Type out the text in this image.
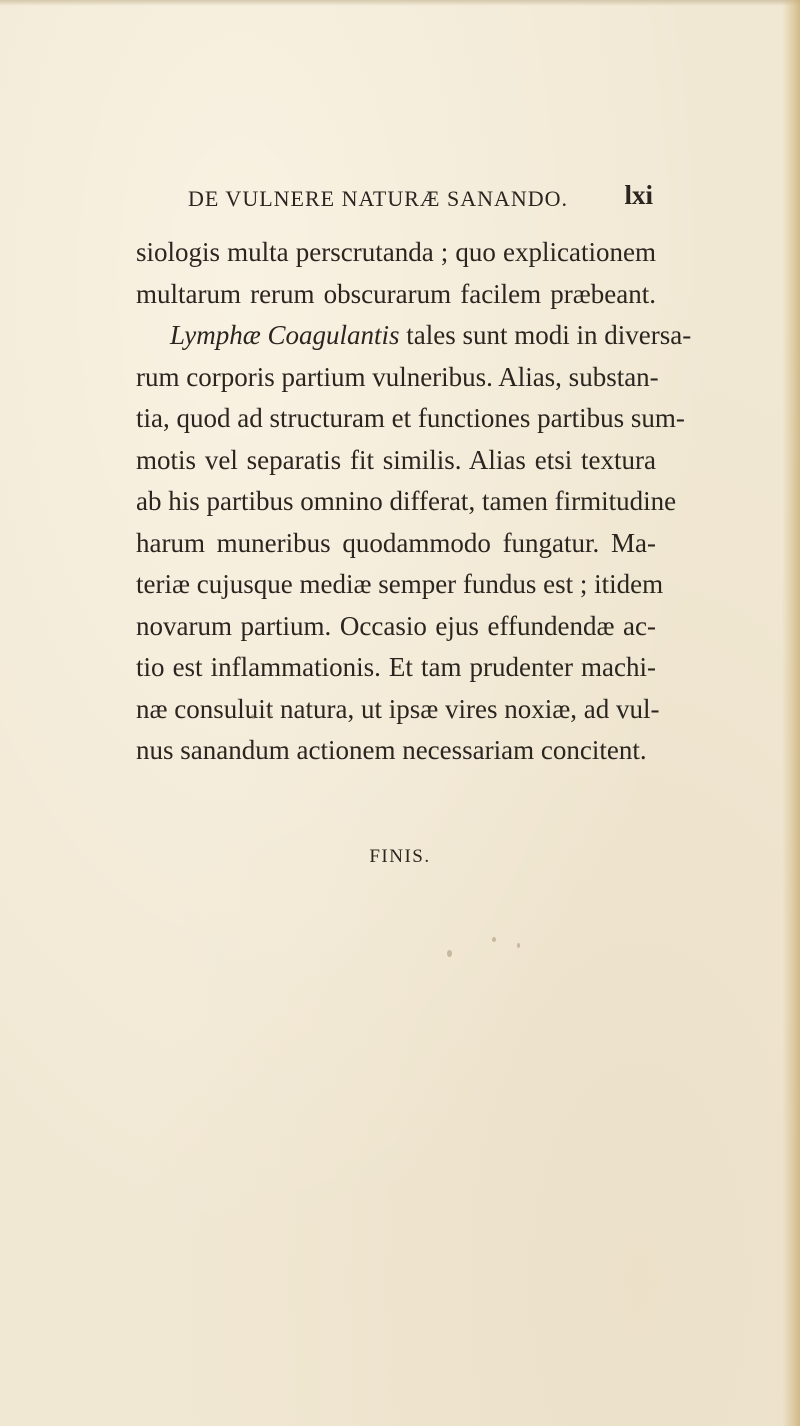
DE VULNERE NATURÆ SANANDO. lxi
siologis multa perscrutanda ; quo explicationem
multarum rerum obscurarum facilem præbeant.
Lymphæ Coagulantis tales sunt modi in diversa-
rum corporis partium vulneribus. Alias, substan-
tia, quod ad structuram et functiones partibus sum-
motis vel separatis fit similis. Alias etsi textura
ab his partibus omnino differat, tamen firmitudine
harum muneribus quodammodo fungatur. Ma-
teriæ cujusque mediæ semper fundus est ; itidem
novarum partium. Occasio ejus effundendæ ac-
tio est inflammationis. Et tam prudenter machi-
næ consuluit natura, ut ipsæ vires noxiæ, ad vul-
nus sanandum actionem necessariam concitent.
FINIS.
